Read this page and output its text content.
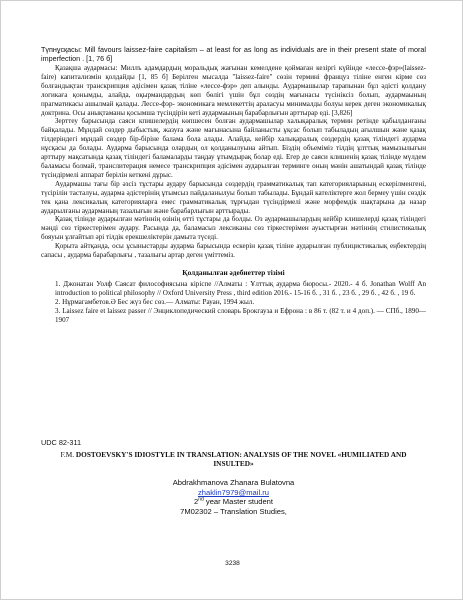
Түпнұсқасы: Mill favours laissez-faire capitalism – at least for as long as individuals are in their present state of moral imperfection . [1, 76 б]

Қазақша аудармасы: Миллъ адамдардың моральдық жағынан кемелдене қоймаған кезіргі күйінде «лессе-фэр»(laissez-faire) капитализмін қолдайды [1, 85 б] Берілген мысалда "laissez-faire" сөзін термині француз тіліне енген кірме сөз болғандықтан транскрипция әдісімен қазақ тіліне «лессе-фэр» деп алынды. Аудармашылар тарапынан бұл әдісті қолдану логикаға қонымды, алайда, оқырмандардың көп бөлігі үшін бұл сөздің мағынасы түсініксіз болып, аудармаының прагматикасы ашылмай қалады. Лессе-фэр- экономикаға мемлекеттің араласуы минималды болуы керек деген экономикалық доктрина. Осы анықтаманы қосымша түсіндірін кеті аудармаының барабарлығын арттырар еді. [3,826]

Зерттеу барысында саяси кпишелердің көпшесен болған аудармашылар халықаралық термин ретінде қабылданғаны байқалады. Мұндай сөздер дыбыстық, жазуға және мағынасына байланысты ұқсас болып табыладың ағылшын және қазақ тілдеріндегі мұндай сөздер бір-біріне балама бола алады. Алайда, кейбір халықаралық сөздердің қазақ тіліндегі аударма нұсқасы да болады. Аударма барысында олардың ол қолданылуына айтып. Біздің объеміміз тілдің ұлттық мамызылығын арттыру мақсатында қазақ тіліндегі баламаларды таңдау ұтымдырақ болар еді. Егер де саяси клишенің қазақ тілінде мүлдем баламасы болмай, транслитерация немесе транскрипция әдісімен аударылған терминге оның мәнін ашатындай қазақ тілінде түсіндірмелі аппарат берілін кеткені дұрыс.

Аудармашы тағы бір әзсіз тұстары аудару барысында сөздердің грамматикалық тап категорияларының ескерілменгені, түсірілін тасталуы, аударма әдістерінің ұтымсыз пайдаланылуы болып табылады. Бұндай кателіктерге жол бермеу үшін сөздік тек қана лексикалық категорияларға емес грамматикалық тұрғыдан түсіндірмелі және морфемдік шақтарына да назар аударылғаны аударманың тазалығын және барабарлығын арттырады.

Қазақ тілінде аударылған мәтіннің өзінің өтті тұстары да болды. Оз аудармашылардың кейбір клишелерді қазақ тіліндегі мәнді сөз тіркестерімен аудару. Расында да, баламасыз лексиканы сөз тіркестерімен ауыстырған мәтіннің стилистикалық бояуын ұлғайтып әрі тілдік ерекшеліктерін дамыта түседі.

Қорыта айтқанда, осы ұсыныстарды аударма барысында ескерін қазақ тіліне аударылған публицистикалық еңбектердің сапасы , аударма барабарлығы , тазалығы артар деген үміттеміз.

Қолданылған әдебиеттер тізімі

1. Джонатан Уолф Саясат философиясына кіріспе //Алматы : Ұлттық аударма бюросы.- 2020.- 4 б. Jonathan Wolff An introduction to political philosophy // Oxford University Press , third edition 2016.- 15-16 б. , 31 б. , 23 б. , 29 б. , 42 б. , 19 б.

2. Нұрмагамбетов.Ә Бес жүз бес сөз.— Алматы: Рауан, 1994 жыл.

3. Laissez faire et laissez passer // Энциклопедический словарь Брокгауза и Ефрона : в 86 т. (82 т. и 4 доп.). — СПб., 1890—1907

UDC 82-311

F.M. DOSTOEVSKY'S IDIOSTYLE IN TRANSLATION: ANALYSIS OF THE NOVEL «HUMILIATED AND INSULTED»

Abdrakhmanova Zhanara Bulatovna

zhaklin7979@mail.ru

2nd year Master student

7M02302 – Translation Studies,

3238
